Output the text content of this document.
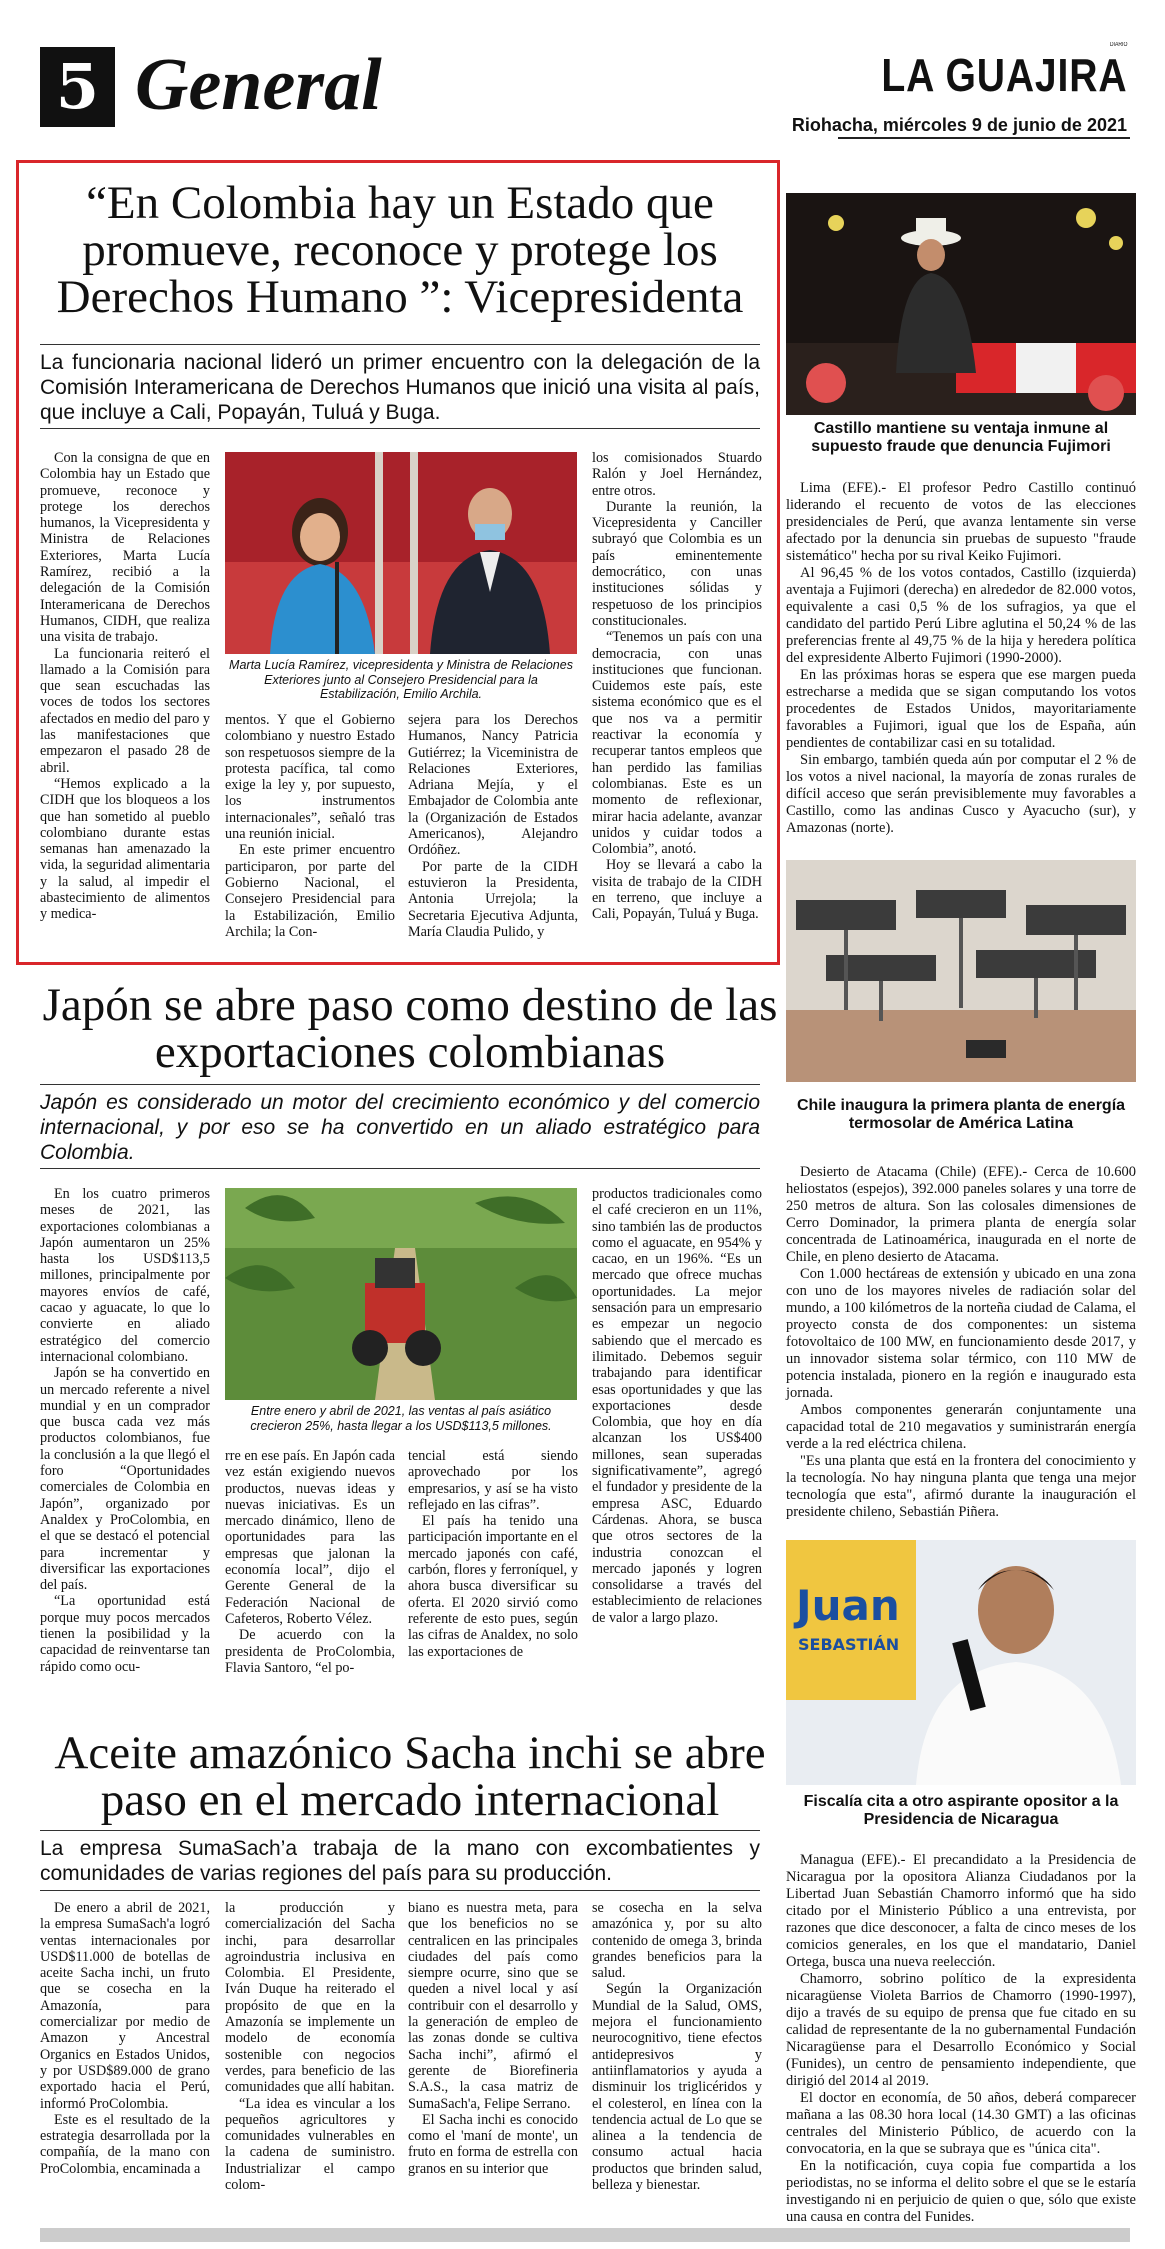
5 General	DIARIO
LA GUAJIRA
Riohacha, miércoles 9 de junio de 2021
“En Colombia hay un Estado que promueve, reconoce y protege los Derechos Humano ”: Vicepresidenta
La funcionaria nacional lideró un primer encuentro con la delegación de la Comisión Interamericana de Derechos Humanos que inició una visita al país, que incluye a Cali, Popayán, Tuluá y Buga.

Con la consigna de que en Colombia hay un Estado que promueve, reconoce y protege los derechos humanos, la Vicepresidenta y Ministra de Relaciones Exteriores, Marta Lucía Ramírez, recibió a la delegación de la Comisión Interamericana de Derechos Humanos, CIDH, que realiza una visita de trabajo.

La funcionaria reiteró el llamado a la Comisión para que sean escuchadas las voces de todos los sectores afectados en medio del paro y las manifestaciones que empezaron el pasado 28 de abril.

“Hemos explicado a la CIDH que los bloqueos a los que han sometido al pueblo colombiano durante estas semanas han amenazado la vida, la seguridad alimentaria y la salud, al impedir el abastecimiento de alimentos y medica-

Marta Lucía Ramírez, vicepresidenta y Ministra de Relaciones Exteriores junto al Consejero Presidencial para la Estabilización, Emilio Archila.

mentos. Y que el Gobierno colombiano y nuestro Estado son respetuosos siempre de la protesta pacífica, tal como exige la ley y, por supuesto, los instrumentos internacionales”, señaló tras una reunión inicial.

En este primer encuentro participaron, por parte del Gobierno Nacional, el Consejero Presidencial para la Estabilización, Emilio Archila; la Con-

sejera para los Derechos Humanos, Nancy Patricia Gutiérrez; la Viceministra de Relaciones Exteriores, Adriana Mejía, y el Embajador de Colombia ante la (Organización de Estados Americanos), Alejandro Ordóñez.

Por parte de la CIDH estuvieron la Presidenta, Antonia Urrejola; la Secretaria Ejecutiva Adjunta, María Claudia Pulido, y

los comisionados Stuardo Ralón y Joel Hernández, entre otros.

Durante la reunión, la Vicepresidenta y Canciller subrayó que Colombia es un país eminentemente democrático, con unas instituciones sólidas y respetuoso de los principios constitucionales.

“Tenemos un país con una democracia, con unas instituciones que funcionan. Cuidemos este país, este sistema económico que es el que nos va a permitir reactivar la economía y recuperar tantos empleos que han perdido las familias colombianas. Este es un momento de reflexionar, mirar hacia adelante, avanzar unidos y cuidar todos a Colombia”, anotó.

Hoy se llevará a cabo la visita de trabajo de la CIDH en terreno, que incluye a Cali, Popayán, Tuluá y Buga.

Japón se abre paso como destino de las exportaciones colombianas
Japón es considerado un motor del crecimiento económico y del comercio internacional, y por eso se ha convertido en un aliado estratégico para Colombia.

En los cuatro primeros meses de 2021, las exportaciones colombianas a Japón aumentaron un 25% hasta los USD$113,5 millones, principalmente por mayores envíos de café, cacao y aguacate, lo que lo convierte en aliado estratégico del comercio internacional colombiano.

Japón se ha convertido en un mercado referente a nivel mundial y en un comprador que busca cada vez más productos colombianos, fue la conclusión a la que llegó el foro “Oportunidades comerciales de Colombia en Japón”, organizado por Analdex y ProColombia, en el que se destacó el potencial para incrementar y diversificar las exportaciones del país.

“La oportunidad está porque muy pocos mercados tienen la posibilidad y la capacidad de reinventarse tan rápido como ocu-

Entre enero y abril de 2021, las ventas al país asiático crecieron 25%, hasta llegar a los USD$113,5 millones.

rre en ese país. En Japón cada vez están exigiendo nuevos productos, nuevas ideas y nuevas iniciativas. Es un mercado dinámico, lleno de oportunidades para las empresas que jalonan la economía local”, dijo el Gerente General de la Federación Nacional de Cafeteros, Roberto Vélez.

De acuerdo con la presidenta de ProColombia, Flavia Santoro, “el po-

tencial está siendo aprovechado por los empresarios, y así se ha visto reflejado en las cifras”.

El país ha tenido una participación importante en el mercado japonés con café, carbón, flores y ferroníquel, y ahora busca diversificar su oferta. El 2020 sirvió como referente de esto pues, según las cifras de Analdex, no solo las exportaciones de

productos tradicionales como el café crecieron en un 11%, sino también las de productos como el aguacate, en 954% y cacao, en un 196%. “Es un mercado que ofrece muchas oportunidades. La mejor sensación para un empresario es empezar un negocio sabiendo que el mercado es ilimitado. Debemos seguir trabajando para identificar esas oportunidades y que las exportaciones desde Colombia, que hoy en día alcanzan los US$400 millones, sean superadas significativamente”, agregó el fundador y presidente de la empresa ASC, Eduardo Cárdenas. Ahora, se busca que otros sectores de la industria conozcan el mercado japonés y logren consolidarse a través del establecimiento de relaciones de valor a largo plazo.

Aceite amazónico Sacha inchi se abre paso en el mercado internacional
La empresa SumaSach’a trabaja de la mano con excombatientes y comunidades de varias regiones del país para su producción.

De enero a abril de 2021, la empresa SumaSach'a logró ventas internacionales por USD$11.000 de botellas de aceite Sacha inchi, un fruto que se cosecha en la Amazonía, para comercializar por medio de Amazon y Ancestral Organics en Estados Unidos, y por USD$89.000 de grano exportado hacia el Perú, informó ProColombia.

Este es el resultado de la estrategia desarrollada por la compañía, de la mano con ProColombia, encaminada a

la producción y comercialización del Sacha inchi, para desarrollar agroindustria inclusiva en Colombia. El Presidente, Iván Duque ha reiterado el propósito de que en la Amazonía se implemente un modelo de economía sostenible con negocios verdes, para beneficio de las comunidades que allí habitan.

“La idea es vincular a los pequeños agricultores y comunidades vulnerables en la cadena de suministro. Industrializar el campo colom-

biano es nuestra meta, para que los beneficios no se centralicen en las principales ciudades del país como siempre ocurre, sino que se queden a nivel local y así contribuir con el desarrollo y la generación de empleo de las zonas donde se cultiva Sacha inchi”, afirmó el gerente de Biorefineria S.A.S., la casa matriz de SumaSach'a, Felipe Serrano.

El Sacha inchi es conocido como el 'maní de monte', un fruto en forma de estrella con granos en su interior que

se cosecha en la selva amazónica y, por su alto contenido de omega 3, brinda grandes beneficios para la salud.

Según la Organización Mundial de la Salud, OMS, mejora el funcionamiento neurocognitivo, tiene efectos antidepresivos y antiinflamatorios y ayuda a disminuir los triglicéridos y el colesterol, en línea con la tendencia actual de Lo que se alinea a la tendencia de consumo actual hacia productos que brinden salud, belleza y bienestar.

Castillo mantiene su ventaja inmune al supuesto fraude que denuncia Fujimori

Lima (EFE).- El profesor Pedro Castillo continuó liderando el recuento de votos de las elecciones presidenciales de Perú, que avanza lentamente sin verse afectado por la denuncia sin pruebas de supuesto "fraude sistemático" hecha por su rival Keiko Fujimori.

Al 96,45 % de los votos contados, Castillo (izquierda) aventaja a Fujimori (derecha) en alrededor de 82.000 votos, equivalente a casi 0,5 % de los sufragios, ya que el candidato del partido Perú Libre aglutina el 50,24 % de las preferencias frente al 49,75 % de la hija y heredera política del expresidente Alberto Fujimori (1990-2000).

En las próximas horas se espera que ese margen pueda estrecharse a medida que se sigan computando los votos procedentes de Estados Unidos, mayoritariamente favorables a Fujimori, igual que los de España, aún pendientes de contabilizar casi en su totalidad.

Sin embargo, también queda aún por computar el 2 % de los votos a nivel nacional, la mayoría de zonas rurales de difícil acceso que serán previsiblemente muy favorables a Castillo, como las andinas Cusco y Ayacucho (sur), y Amazonas (norte).

Chile inaugura la primera planta de energía termosolar de América Latina

Desierto de Atacama (Chile) (EFE).- Cerca de 10.600 heliostatos (espejos), 392.000 paneles solares y una torre de 250 metros de altura. Son las colosales dimensiones de Cerro Dominador, la primera planta de energía solar concentrada de Latinoamérica, inaugurada en el norte de Chile, en pleno desierto de Atacama.

Con 1.000 hectáreas de extensión y ubicado en una zona con uno de los mayores niveles de radiación solar del mundo, a 100 kilómetros de la norteña ciudad de Calama, el proyecto consta de dos componentes: un sistema fotovoltaico de 100 MW, en funcionamiento desde 2017, y un innovador sistema solar térmico, con 110 MW de potencia instalada, pionero en la región e inaugurado esta jornada.

Ambos componentes generarán conjuntamente una capacidad total de 210 megavatios y suministrarán energía verde a la red eléctrica chilena.

"Es una planta que está en la frontera del conocimiento y la tecnología. No hay ninguna planta que tenga una mejor tecnología que esta", afirmó durante la inauguración el presidente chileno, Sebastián Piñera.

Juan
SEBASTIÁN
Fiscalía cita a otro aspirante opositor a la Presidencia de Nicaragua

Managua (EFE).- El precandidato a la Presidencia de Nicaragua por la opositora Alianza Ciudadanos por la Libertad Juan Sebastián Chamorro informó que ha sido citado por el Ministerio Público a una entrevista, por razones que dice desconocer, a falta de cinco meses de los comicios generales, en los que el mandatario, Daniel Ortega, busca una nueva reelección.

Chamorro, sobrino político de la expresidenta nicaragüense Violeta Barrios de Chamorro (1990-1997), dijo a través de su equipo de prensa que fue citado en su calidad de representante de la no gubernamental Fundación Nicaragüense para el Desarrollo Económico y Social (Funides), un centro de pensamiento independiente, que dirigió del 2014 al 2019.

El doctor en economía, de 50 años, deberá comparecer mañana a las 08.30 hora local (14.30 GMT) a las oficinas centrales del Ministerio Público, de acuerdo con la convocatoria, en la que se subraya que es "única cita".

En la notificación, cuya copia fue compartida a los periodistas, no se informa el delito sobre el que se le estaría investigando ni en perjuicio de quien o que, sólo que existe una causa en contra del Funides.
